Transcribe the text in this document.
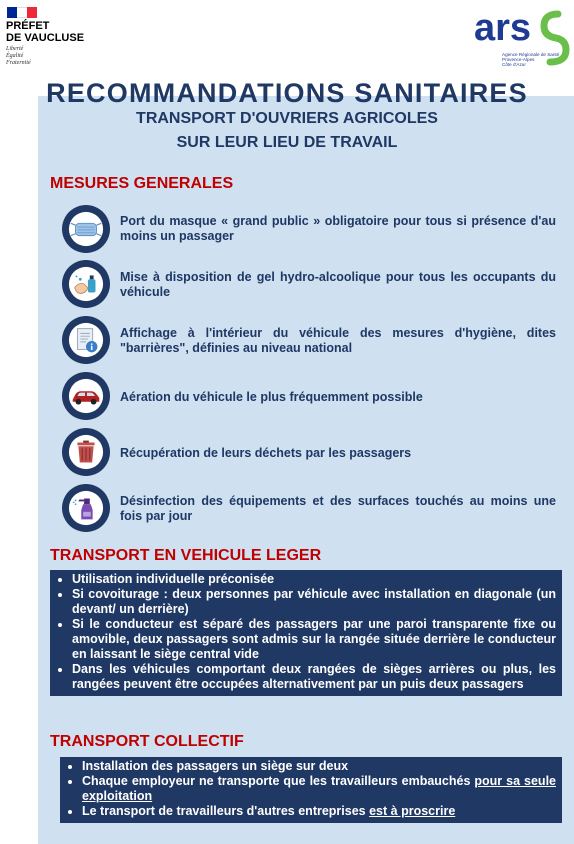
PRÉFET
DE VAUCLUSE
Liberté
Égalité
Fraternité
ars
Agence Régionale de Santé
Provence-Alpes
Côte d'Azur
RECOMMANDATIONS SANITAIRES
TRANSPORT D'OUVRIERS AGRICOLES
SUR LEUR LIEU DE TRAVAIL
MESURES GENERALES
Port du masque « grand public » obligatoire pour tous si présence d'au moins un passager
Mise à disposition de gel hydro-alcoolique pour tous les occupants du véhicule
Affichage à l'intérieur du véhicule des mesures d'hygiène, dites "barrières", définies au niveau national
Aération du véhicule le plus fréquemment possible
Récupération de leurs déchets par les passagers
Désinfection des équipements et des surfaces touchés au moins une fois par jour
TRANSPORT EN VEHICULE LEGER
• Utilisation individuelle préconisée
• Si covoiturage : deux personnes par véhicule avec installation en diagonale (un devant/ un derrière)
• Si le conducteur est séparé des passagers par une paroi transparente fixe ou amovible, deux passagers sont admis sur la rangée située derrière le conducteur en laissant le siège central vide
• Dans les véhicules comportant deux rangées de sièges arrières ou plus, les rangées peuvent être occupées alternativement par un puis deux passagers
TRANSPORT COLLECTIF
• Installation des passagers un siège sur deux
• Chaque employeur ne transporte que les travailleurs embauchés pour sa seule exploitation
• Le transport de travailleurs d'autres entreprises est à proscrire
